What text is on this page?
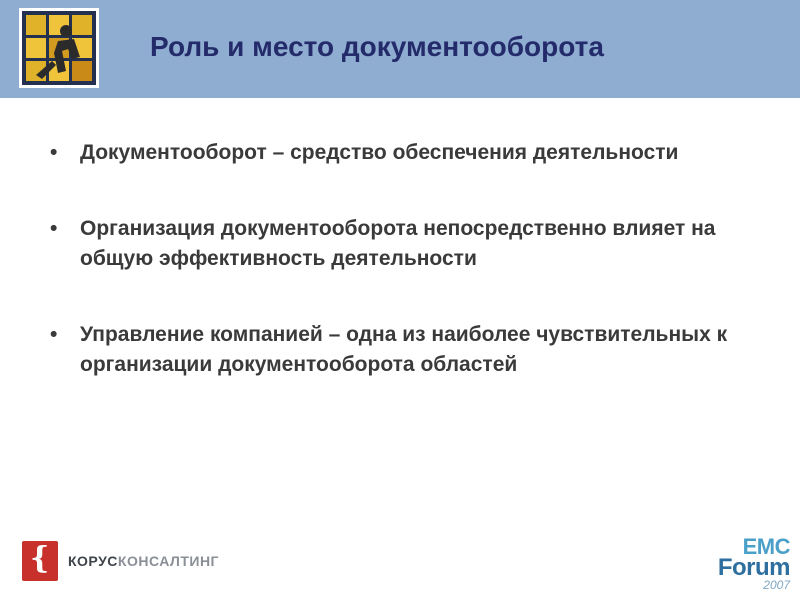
Роль и место документооборота
• Документооборот – средство обеспечения деятельности
• Организация документооборота непосредственно влияет на общую эффективность деятельности
• Управление компанией – одна из наиболее чувствительных к организации документооборота областей
{ КОРУСКОНСАЛТИНГ
EMC
Forum
2007
